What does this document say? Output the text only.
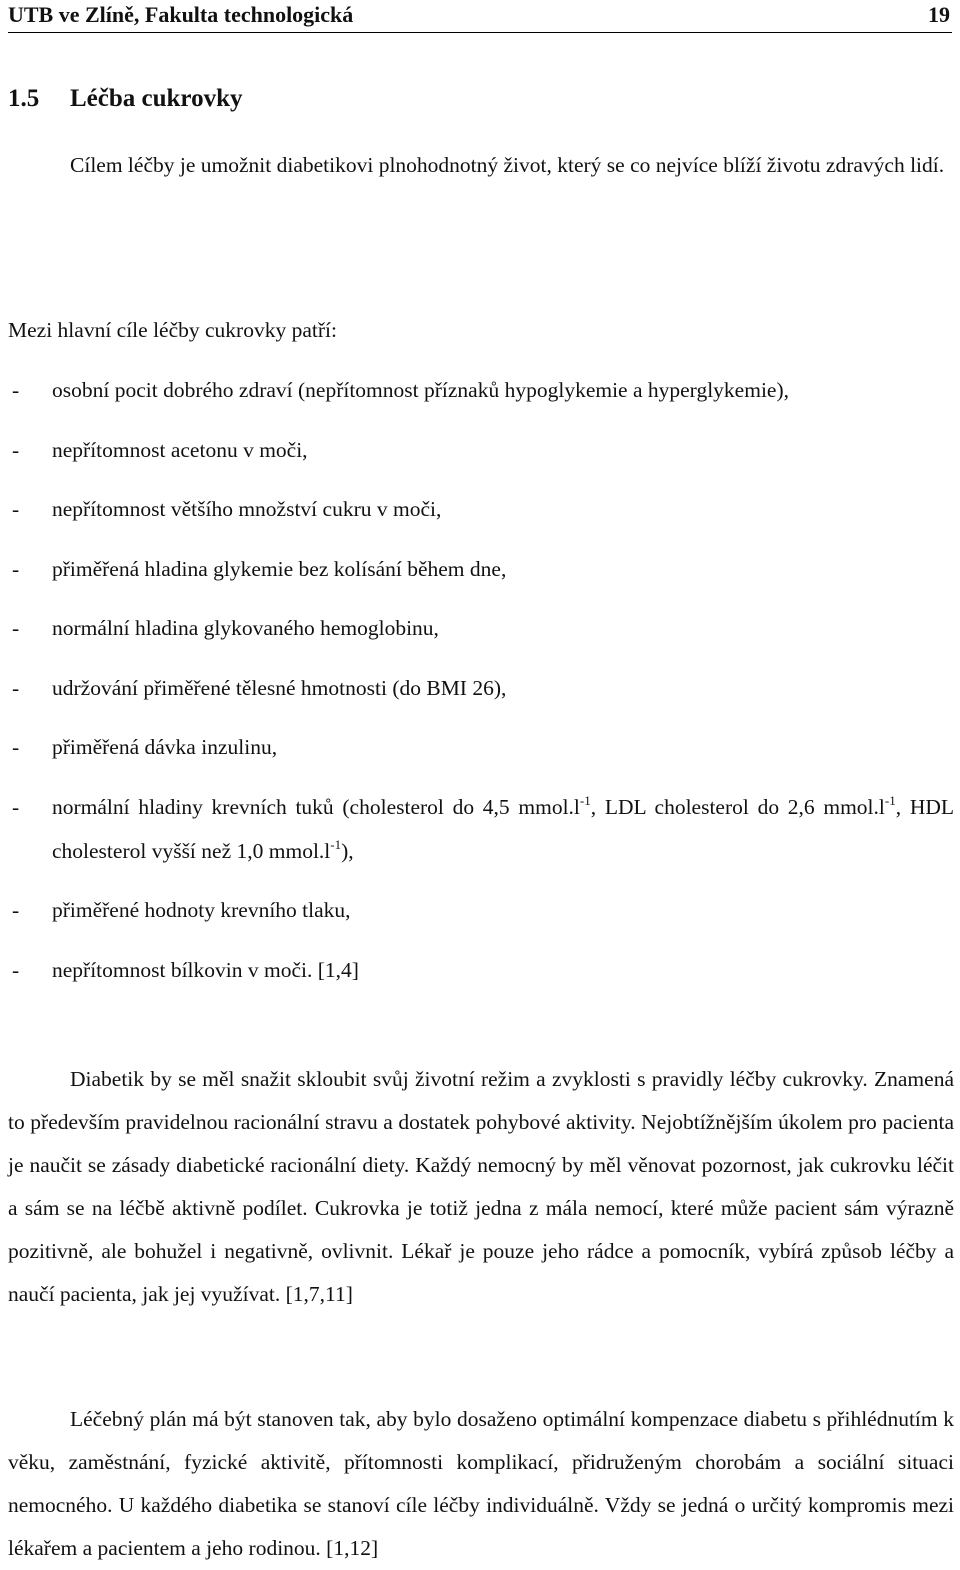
UTB ve Zlíně, Fakulta technologická	19
1.5 Léčba cukrovky

Cílem léčby je umožnit diabetikovi plnohodnotný život, který se co nejvíce blíží životu zdravých lidí.

Mezi hlavní cíle léčby cukrovky patří:
- osobní pocit dobrého zdraví (nepřítomnost příznaků hypoglykemie a hyperglykemie),
- nepřítomnost acetonu v moči,
- nepřítomnost většího množství cukru v moči,
- přiměřená hladina glykemie bez kolísání během dne,
- normální hladina glykovaného hemoglobinu,
- udržování přiměřené tělesné hmotnosti (do BMI 26),
- přiměřená dávka inzulinu,
- normální hladiny krevních tuků (cholesterol do 4,5 $mmol.l^{-1}$, LDL cholesterol do 2,6 $mmol.l^{-1}$, HDL cholesterol vyšší než 1,0 $mmol.l^{-1}$),
- přiměřené hodnoty krevního tlaku,
- nepřítomnost bílkovin v moči. [1,4]

Diabetik by se měl snažit skloubit svůj životní režim a zvyklosti s pravidly léčby cukrovky. Znamená to především pravidelnou racionální stravu a dostatek pohybové aktivity. Nejobtížnějším úkolem pro pacienta je naučit se zásady diabetické racionální diety. Každý nemocný by měl věnovat pozornost, jak cukrovku léčit a sám se na léčbě aktivně podílet. Cukrovka je totiž jedna z mála nemocí, které může pacient sám výrazně pozitivně, ale bohužel i negativně, ovlivnit. Lékař je pouze jeho rádce a pomocník, vybírá způsob léčby a naučí pacienta, jak jej využívat. [1,7,11]

Léčebný plán má být stanoven tak, aby bylo dosaženo optimální kompenzace diabetu s přihlédnutím k věku, zaměstnání, fyzické aktivitě, přítomnosti komplikací, přidruženým chorobám a sociální situaci nemocného. U každého diabetika se stanoví cíle léčby individuálně. Vždy se jedná o určitý kompromis mezi lékařem a pacientem a jeho rodinou. [1,12]
